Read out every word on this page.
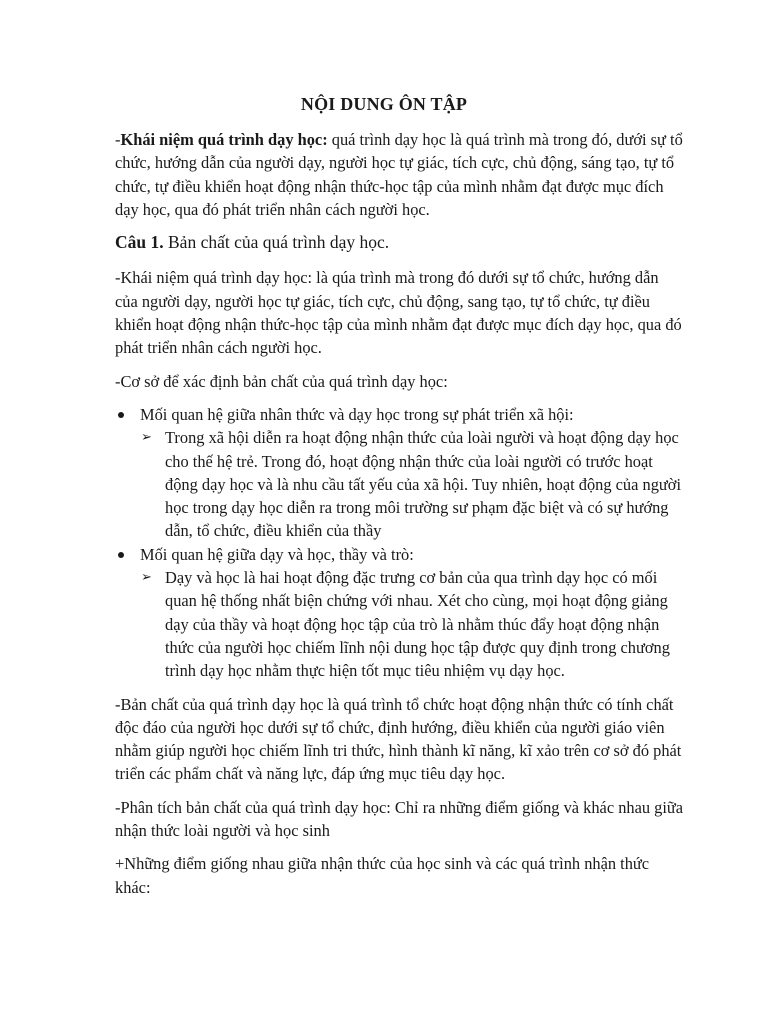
NỘI DUNG ÔN TẬP

-Khái niệm quá trình dạy học: quá trình dạy học là quá trình mà trong đó, dưới sự tổ chức, hướng dẫn của người dạy, người học tự giác, tích cực, chủ động, sáng tạo, tự tổ chức, tự điều khiển hoạt động nhận thức-học tập của mình nhằm đạt được mục đích dạy học, qua đó phát triển nhân cách người học.

Câu 1. Bản chất của quá trình dạy học.

-Khái niệm quá trình dạy học: là qúa trình mà trong đó dưới sự tổ chức, hướng dẫn của người dạy, người học tự giác, tích cực, chủ động, sang tạo, tự tổ chức, tự điều khiển hoạt động nhận thức-học tập của mình nhằm đạt được mục đích dạy học, qua đó phát triển nhân cách người học.

-Cơ sở để xác định bản chất của quá trình dạy học:

Mối quan hệ giữa nhân thức và dạy học trong sự phát triển xã hội:
➢ Trong xã hội diễn ra hoạt động nhận thức của loài người và hoạt động dạy học cho thế hệ trẻ. Trong đó, hoạt động nhận thức của loài người có trước hoạt động dạy học và là nhu cầu tất yếu của xã hội. Tuy nhiên, hoạt động của người học trong dạy học diễn ra trong môi trường sư phạm đặc biệt và có sự hướng dẫn, tổ chức, điều khiển của thầy
Mối quan hệ giữa dạy và học, thầy và trò:
➢ Dạy và học là hai hoạt động đặc trưng cơ bản của qua trình dạy học có mối quan hệ thống nhất biện chứng với nhau. Xét cho cùng, mọi hoạt động giảng dạy của thầy và hoạt động học tập của trò là nhằm thúc đẩy hoạt động nhận thức của người học chiếm lĩnh nội dung học tập được quy định trong chương trình dạy học nhằm thực hiện tốt mục tiêu nhiệm vụ dạy học.

-Bản chất của quá trình dạy học là quá trình tổ chức hoạt động nhận thức có tính chất độc đáo của người học dưới sự tổ chức, định hướng, điều khiển của người giáo viên nhằm giúp người học chiếm lĩnh tri thức, hình thành kĩ năng, kĩ xảo trên cơ sở đó phát triển các phẩm chất và năng lực, đáp ứng mục tiêu dạy học.

-Phân tích bản chất của quá trình dạy học: Chỉ ra những điểm giống và khác nhau giữa nhận thức loài người và học sinh

+Những điểm giống nhau giữa nhận thức của học sinh và các quá trình nhận thức khác:
